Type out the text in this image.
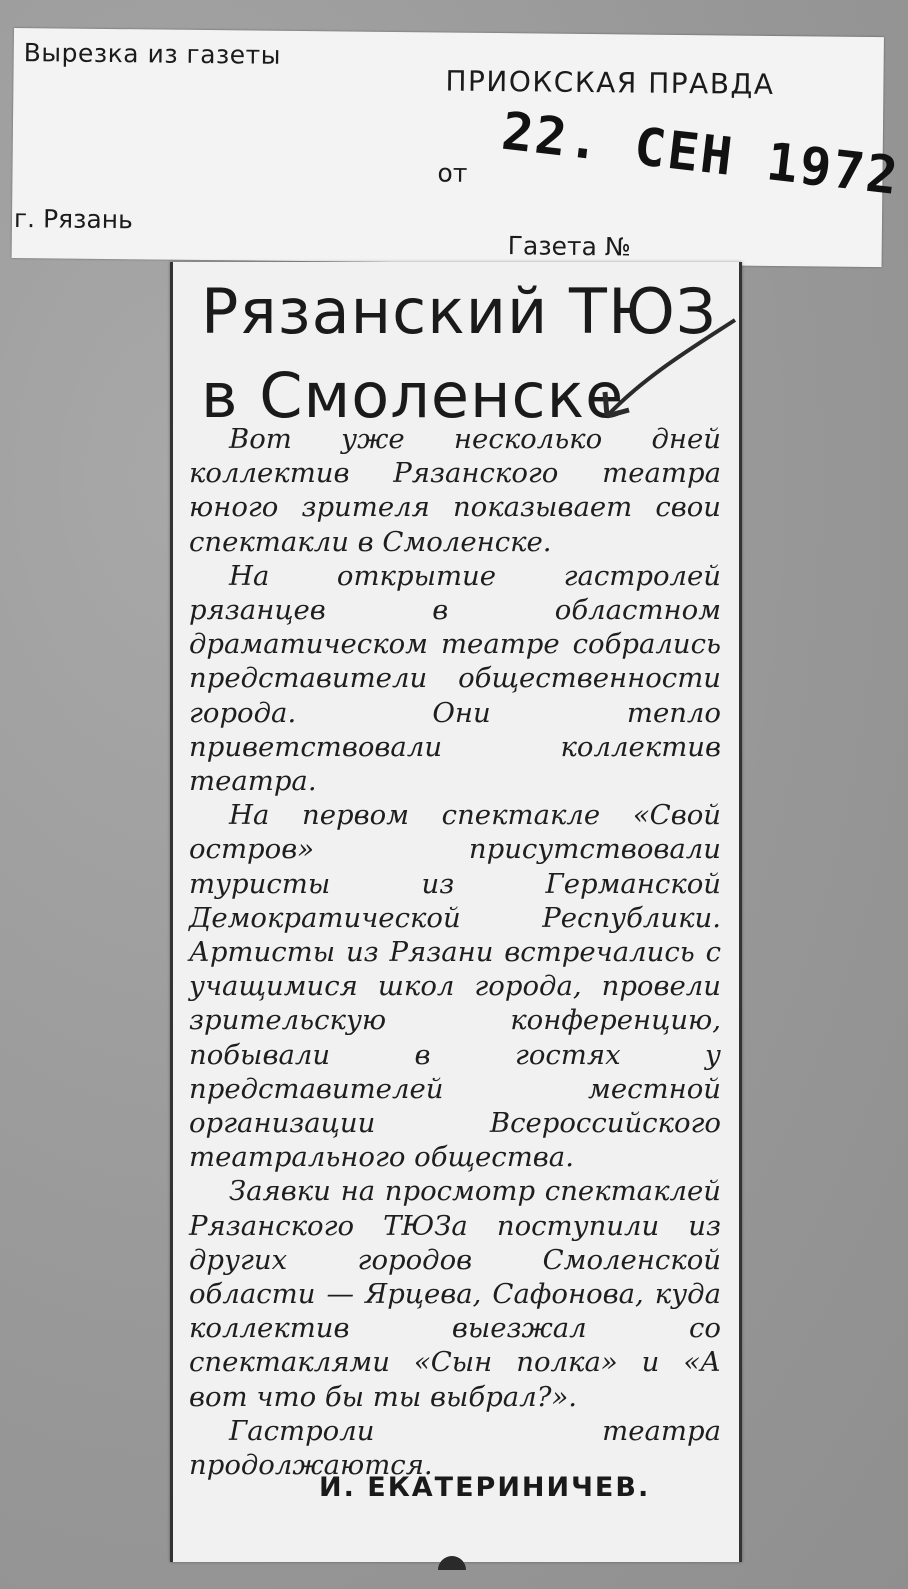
Вырезка из газеты
ПРИОКСКАЯ ПРАВДА
от
г. Рязань
Газета №
22. СЕН 1972
Рязанский ТЮЗ в Смоленске

Вот уже несколько дней коллектив Рязанского театра юного зрителя показывает свои спектакли в Смоленске.

На открытие гастролей рязанцев в областном драматическом театре собрались представители общественности города. Они тепло приветствовали коллектив театра.

На первом спектакле «Свой остров» присутствовали туристы из Германской Демократической Республики. Артисты из Рязани встречались с учащимися школ города, провели зрительскую конференцию, побывали в гостях у представителей местной организации Всероссийского театрального общества.

Заявки на просмотр спектаклей Рязанского ТЮЗа поступили из других городов Смоленской области — Ярцева, Сафонова, куда коллектив выезжал со спектаклями «Сын полка» и «А вот что бы ты выбрал?».

Гастроли театра продолжаются.

И. ЕКАТЕРИНИЧЕВ.
